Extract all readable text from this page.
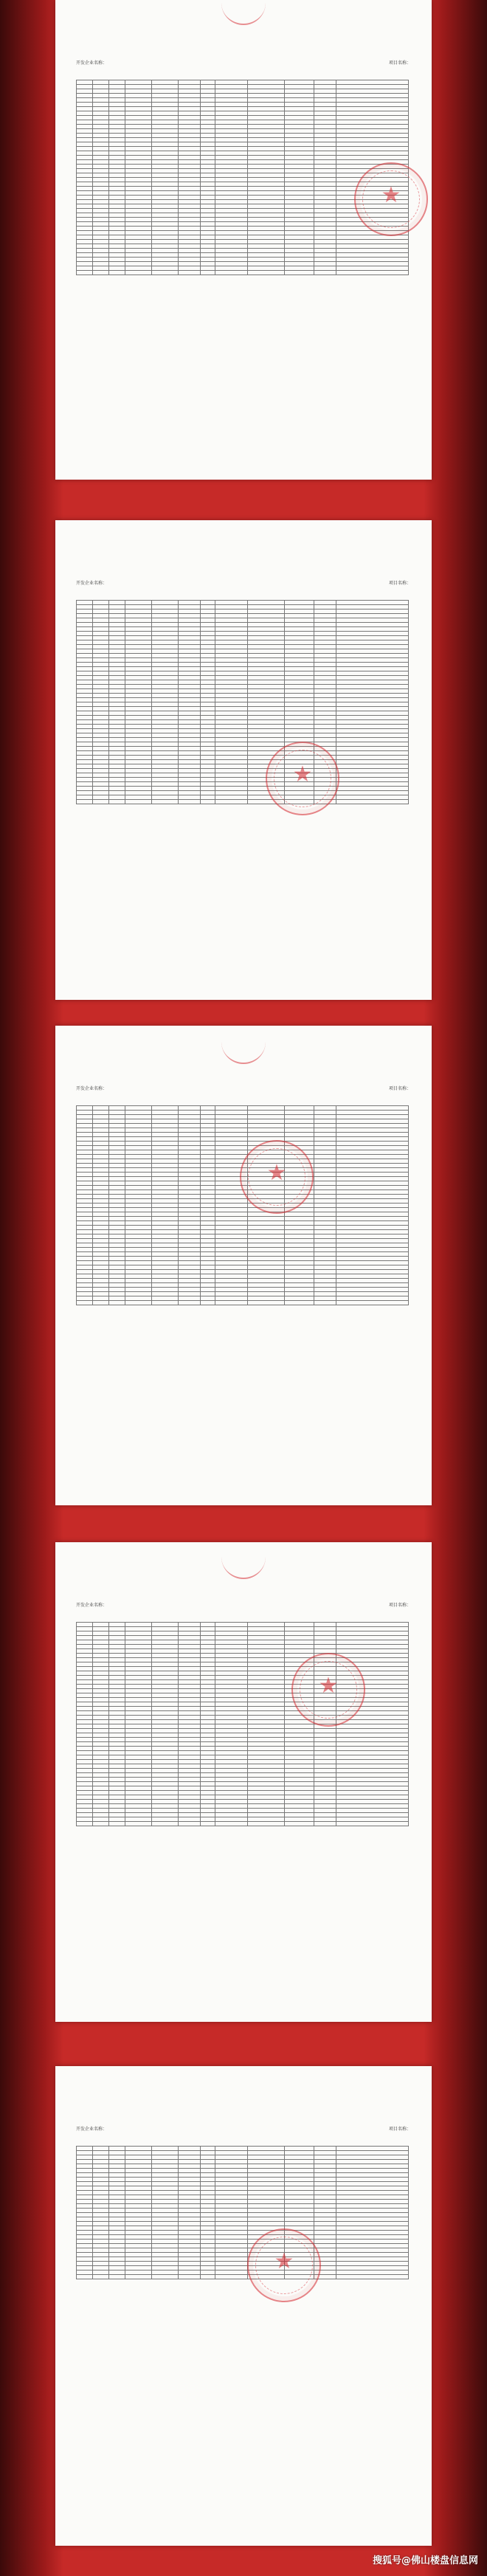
开发企业名称：	项目名称：

★
开发企业名称：	项目名称：

★
开发企业名称：	项目名称：

★
开发企业名称：	项目名称：

★
开发企业名称：	项目名称：

★
搜狐号@佛山楼盘信息网
